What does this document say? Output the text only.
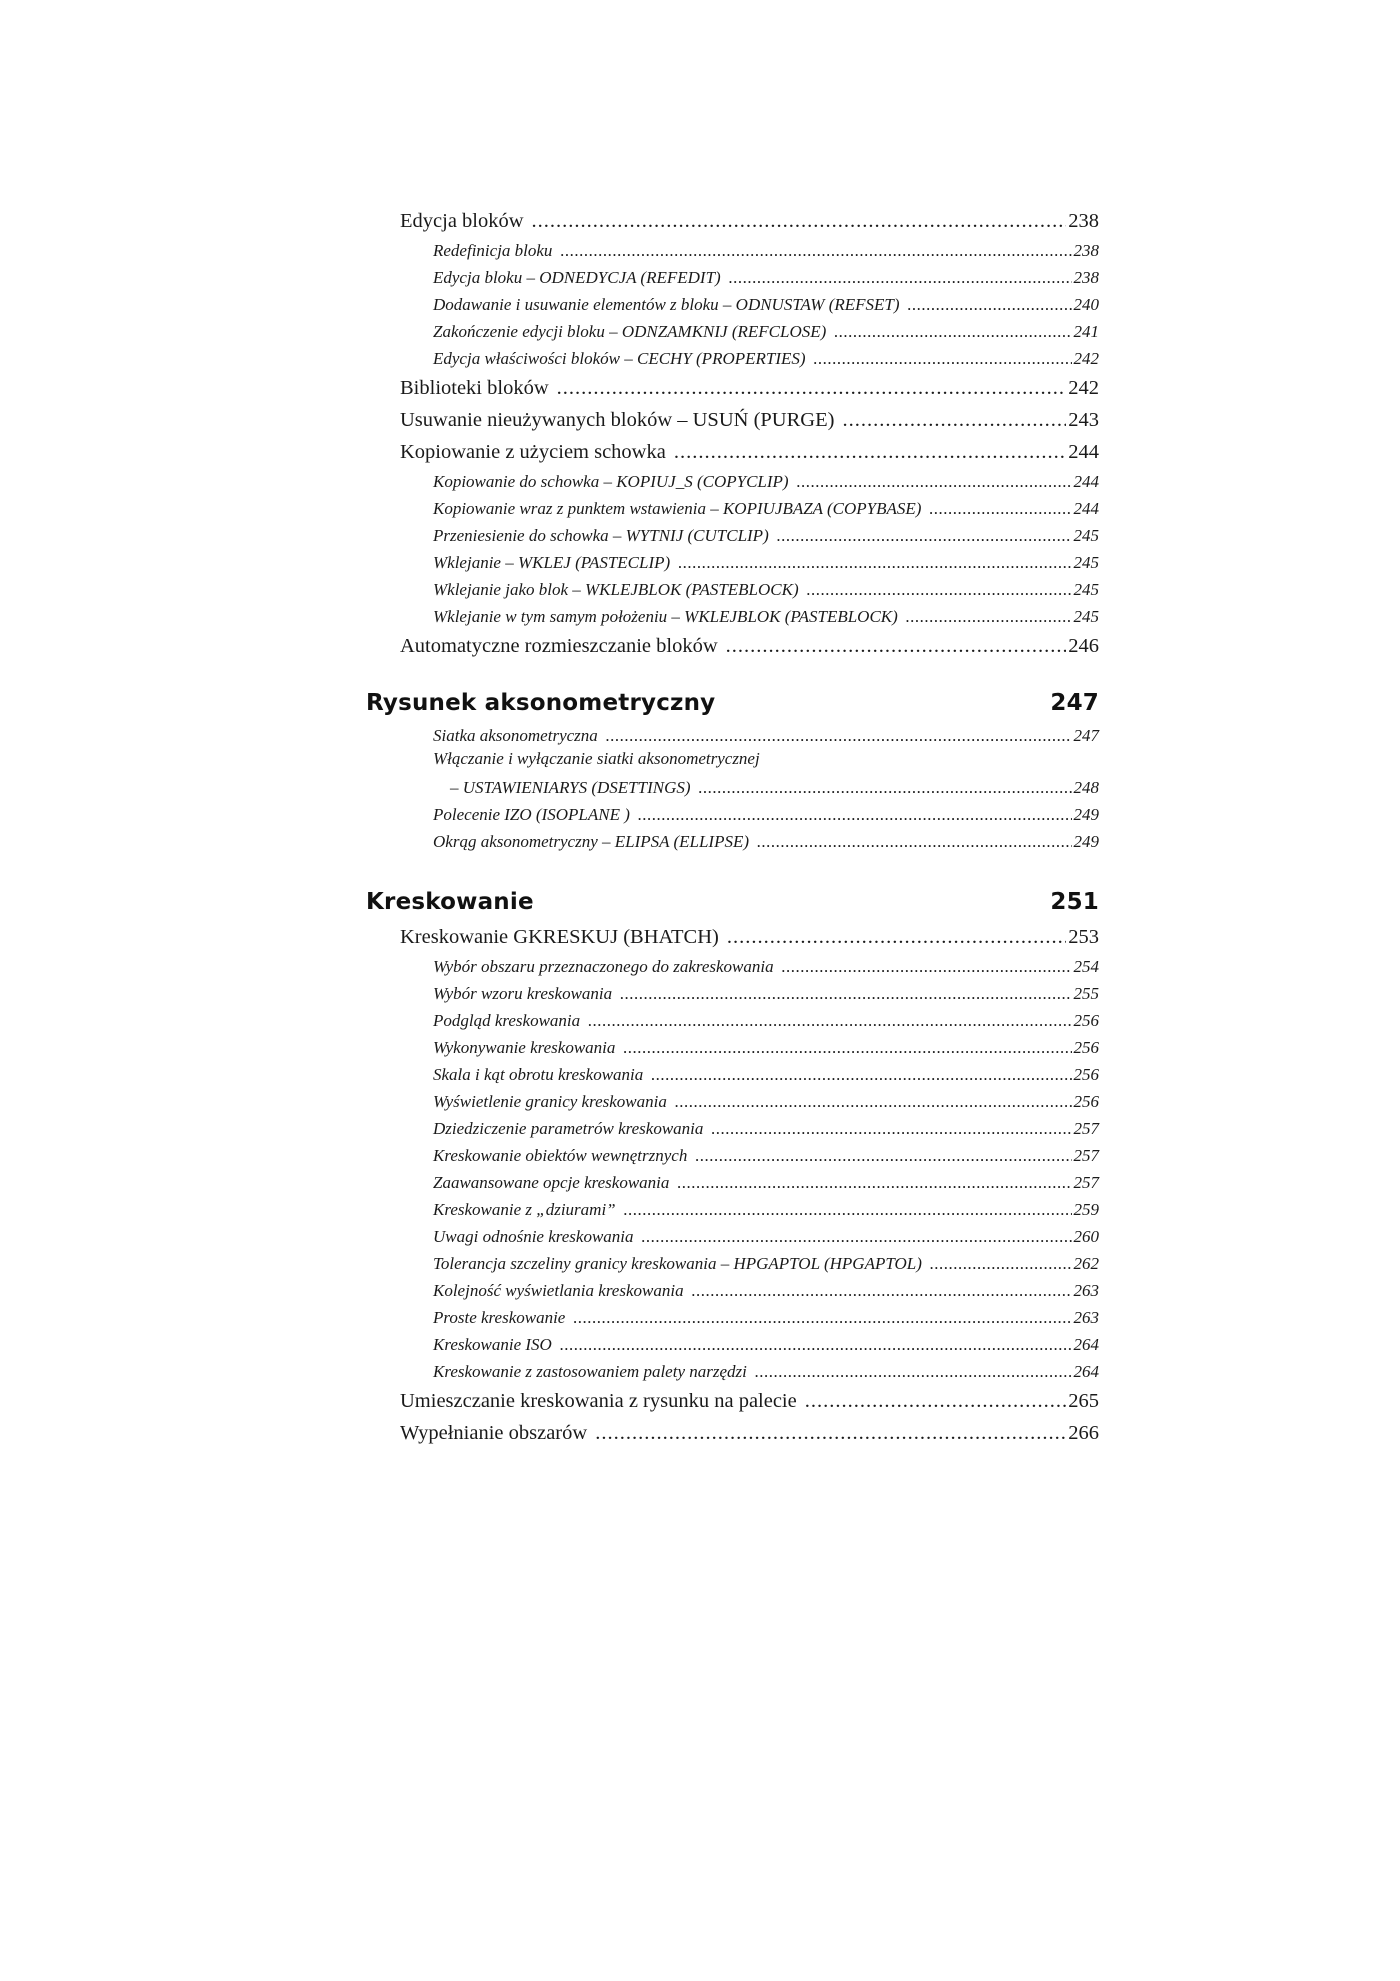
Edycja bloków .....	238
Redefinicja bloku .....	238
Edycja bloku – ODNEDYCJA (REFEDIT) .....	238
Dodawanie i usuwanie elementów z bloku – ODNUSTAW (REFSET) .....	240
Zakończenie edycji bloku – ODNZAMKNIJ (REFCLOSE) .....	241
Edycja właściwości bloków – CECHY (PROPERTIES) .....	242
Biblioteki bloków .....	242
Usuwanie nieużywanych bloków – USUŃ (PURGE) .....	243
Kopiowanie z użyciem schowka .....	244
Kopiowanie do schowka – KOPIUJ_S (COPYCLIP) .....	244
Kopiowanie wraz z punktem wstawienia – KOPIUJBAZA (COPYBASE) .....	244
Przeniesienie do schowka – WYTNIJ (CUTCLIP) .....	245
Wklejanie – WKLEJ (PASTECLIP) .....	245
Wklejanie jako blok – WKLEJBLOK (PASTEBLOCK) .....	245
Wklejanie w tym samym położeniu – WKLEJBLOK (PASTEBLOCK) .....	245
Automatyczne rozmieszczanie bloków .....	246
Rysunek aksonometryczny	247
Siatka aksonometryczna .....	247
Włączanie i wyłączanie siatki aksonometrycznej
– USTAWIENIARYS (DSETTINGS) .....	248
Polecenie IZO (ISOPLANE ) .....	249
Okrąg aksonometryczny – ELIPSA (ELLIPSE) .....	249
Kreskowanie	251
Kreskowanie GKRESKUJ (BHATCH) .....	253
Wybór obszaru przeznaczonego do zakreskowania .....	254
Wybór wzoru kreskowania .....	255
Podgląd kreskowania .....	256
Wykonywanie kreskowania .....	256
Skala i kąt obrotu kreskowania .....	256
Wyświetlenie granicy kreskowania .....	256
Dziedziczenie parametrów kreskowania .....	257
Kreskowanie obiektów wewnętrznych .....	257
Zaawansowane opcje kreskowania .....	257
Kreskowanie z „dziurami” .....	259
Uwagi odnośnie kreskowania .....	260
Tolerancja szczeliny granicy kreskowania – HPGAPTOL (HPGAPTOL) .....	262
Kolejność wyświetlania kreskowania .....	263
Proste kreskowanie .....	263
Kreskowanie ISO .....	264
Kreskowanie z zastosowaniem palety narzędzi .....	264
Umieszczanie kreskowania z rysunku na palecie .....	265
Wypełnianie obszarów .....	266
